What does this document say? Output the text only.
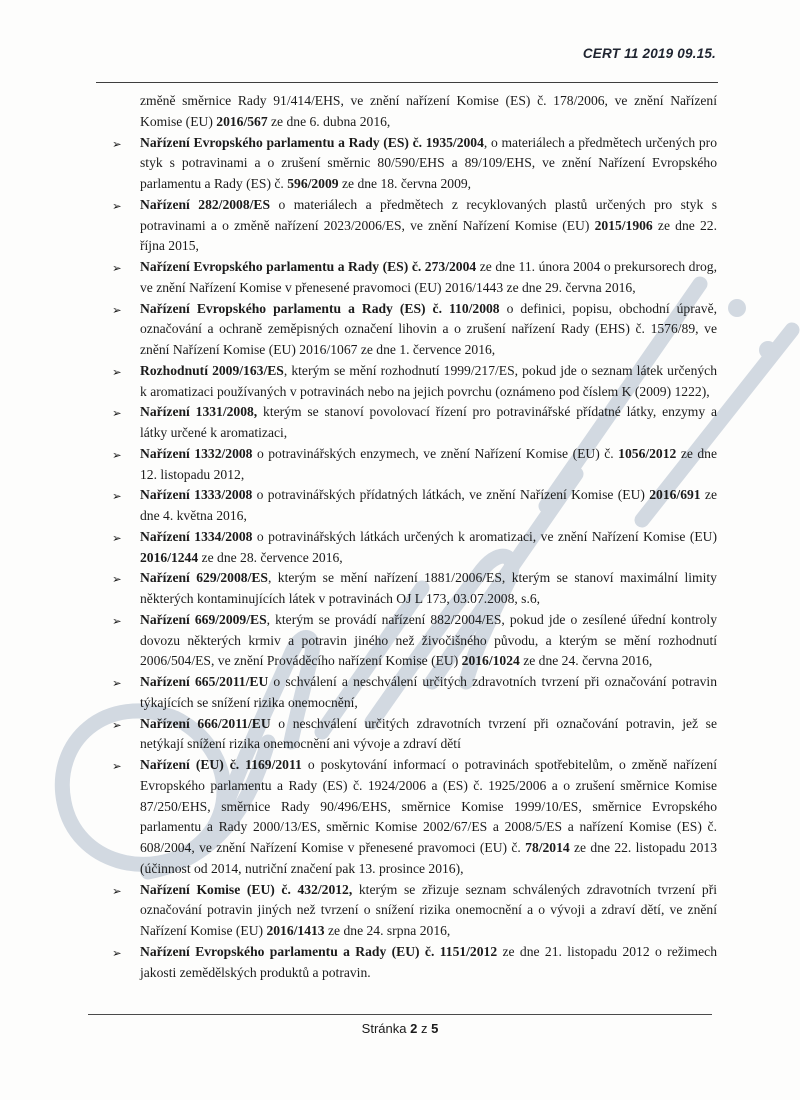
CERT 11 2019 09.15.
změně směrnice Rady 91/414/EHS, ve znění nařízení Komise (ES) č. 178/2006, ve znění Nařízení Komise (EU) 2016/567 ze dne 6. dubna 2016,
➢	Nařízení Evropského parlamentu a Rady (ES) č. 1935/2004, o materiálech a předmětech určených pro styk s potravinami a o zrušení směrnic 80/590/EHS a 89/109/EHS, ve znění Nařízení Evropského parlamentu a Rady (ES) č. 596/2009 ze dne 18. června 2009,
➢	Nařízení 282/2008/ES o materiálech a předmětech z recyklovaných plastů určených pro styk s potravinami a o změně nařízení 2023/2006/ES, ve znění Nařízení Komise (EU) 2015/1906 ze dne 22. října 2015,
➢	Nařízení Evropského parlamentu a Rady (ES) č. 273/2004 ze dne 11. února 2004 o prekursorech drog, ve znění Nařízení Komise v přenesené pravomoci (EU) 2016/1443 ze dne 29. června 2016,
➢	Nařízení Evropského parlamentu a Rady (ES) č. 110/2008 o definici, popisu, obchodní úpravě, označování a ochraně zeměpisných označení lihovin a o zrušení nařízení Rady (EHS) č. 1576/89, ve znění Nařízení Komise (EU) 2016/1067 ze dne 1. července 2016,
➢	Rozhodnutí 2009/163/ES, kterým se mění rozhodnutí 1999/217/ES, pokud jde o seznam látek určených k aromatizaci používaných v potravinách nebo na jejich povrchu (oznámeno pod číslem K (2009) 1222),
➢	Nařízení 1331/2008, kterým se stanoví povolovací řízení pro potravinářské přídatné látky, enzymy a látky určené k aromatizaci,
➢	Nařízení 1332/2008 o potravinářských enzymech, ve znění Nařízení Komise (EU) č. 1056/2012 ze dne 12. listopadu 2012,
➢	Nařízení 1333/2008 o potravinářských přídatných látkách, ve znění Nařízení Komise (EU) 2016/691 ze dne 4. května 2016,
➢	Nařízení 1334/2008 o potravinářských látkách určených k aromatizaci, ve znění Nařízení Komise (EU) 2016/1244 ze dne 28. července 2016,
➢	Nařízení 629/2008/ES, kterým se mění nařízení 1881/2006/ES, kterým se stanoví maximální limity některých kontaminujících látek v potravinách OJ L 173, 03.07.2008, s.6,
➢	Nařízení 669/2009/ES, kterým se provádí nařízení 882/2004/ES, pokud jde o zesílené úřední kontroly dovozu některých krmiv a potravin jiného než živočišného původu, a kterým se mění rozhodnutí 2006/504/ES, ve znění Prováděcího nařízení Komise (EU) 2016/1024 ze dne 24. června 2016,
➢	Nařízení 665/2011/EU o schválení a neschválení určitých zdravotních tvrzení při označování potravin týkajících se snížení rizika onemocnění,
➢	Nařízení 666/2011/EU o neschválení určitých zdravotních tvrzení při označování potravin, jež se netýkají snížení rizika onemocnění ani vývoje a zdraví dětí
➢	Nařízení (EU) č. 1169/2011 o poskytování informací o potravinách spotřebitelům, o změně nařízení Evropského parlamentu a Rady (ES) č. 1924/2006 a (ES) č. 1925/2006 a o zrušení směrnice Komise 87/250/EHS, směrnice Rady 90/496/EHS, směrnice Komise 1999/10/ES, směrnice Evropského parlamentu a Rady 2000/13/ES, směrnic Komise 2002/67/ES a 2008/5/ES a nařízení Komise (ES) č. 608/2004, ve znění Nařízení Komise v přenesené pravomoci (EU) č. 78/2014 ze dne 22. listopadu 2013 (účinnost od 2014, nutriční značení pak 13. prosince 2016),
➢	Nařízení Komise (EU) č. 432/2012, kterým se zřizuje seznam schválených zdravotních tvrzení při označování potravin jiných než tvrzení o snížení rizika onemocnění a o vývoji a zdraví dětí, ve znění Nařízení Komise (EU) 2016/1413 ze dne 24. srpna 2016,
➢	Nařízení Evropského parlamentu a Rady (EU) č. 1151/2012 ze dne 21. listopadu 2012 o režimech jakosti zemědělských produktů a potravin.
Stránka 2 z 5
